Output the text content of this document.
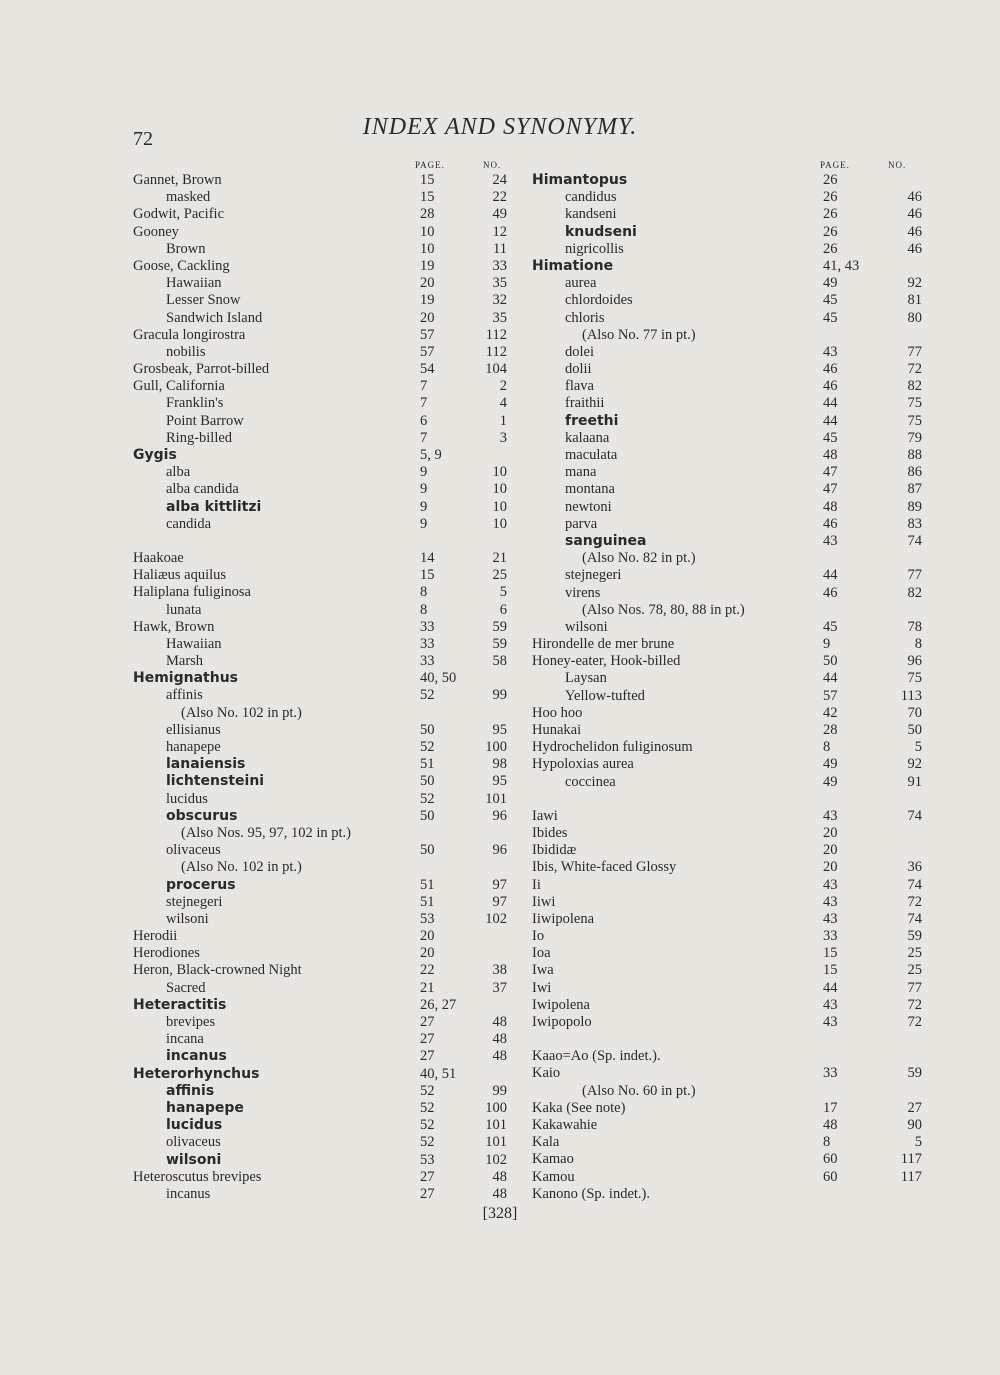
72	INDEX AND SYNONYMY.
PAGE.	NO.
Gannet, Brown	15	24
masked	15	22
Godwit, Pacific	28	49
Gooney	10	12
Brown	10	11
Goose, Cackling	19	33
Hawaiian	20	35
Lesser Snow	19	32
Sandwich Island	20	35
Gracula longirostra	57	112
nobilis	57	112
Grosbeak, Parrot-billed	54	104
Gull, California	7	2
Franklin's	7	4
Point Barrow	6	1
Ring-billed	7	3
Gygis	5, 9
alba	9	10
alba candida	9	10
alba kittlitzi	9	10
candida	9	10
Haakoae	14	21
Haliæus aquilus	15	25
Haliplana fuliginosa	8	5
lunata	8	6
Hawk, Brown	33	59
Hawaiian	33	59
Marsh	33	58
Hemignathus	40, 50
affinis	52	99
(Also No. 102 in pt.)
ellisianus	50	95
hanapepe	52	100
lanaiensis	51	98
lichtensteini	50	95
lucidus	52	101
obscurus	50	96
(Also Nos. 95, 97, 102 in pt.)
olivaceus	50	96
(Also No. 102 in pt.)
procerus	51	97
stejnegeri	51	97
wilsoni	53	102
Herodii	20
Herodiones	20
Heron, Black-crowned Night	22	38
Sacred	21	37
Heteractitis	26, 27
brevipes	27	48
incana	27	48
incanus	27	48
Heterorhynchus	40, 51
affinis	52	99
hanapepe	52	100
lucidus	52	101
olivaceus	52	101
wilsoni	53	102
Heteroscutus brevipes	27	48
incanus	27	48
PAGE.	NO.
Himantopus	26
candidus	26	46
kandseni	26	46
knudseni	26	46
nigricollis	26	46
Himatione	41, 43
aurea	49	92
chlordoides	45	81
chloris	45	80
(Also No. 77 in pt.)
dolei	43	77
dolii	46	72
flava	46	82
fraithii	44	75
freethi	44	75
kalaana	45	79
maculata	48	88
mana	47	86
montana	47	87
newtoni	48	89
parva	46	83
sanguinea	43	74
(Also No. 82 in pt.)
stejnegeri	44	77
virens	46	82
(Also Nos. 78, 80, 88 in pt.)
wilsoni	45	78
Hirondelle de mer brune	9	8
Honey-eater, Hook-billed	50	96
Laysan	44	75
Yellow-tufted	57	113
Hoo hoo	42	70
Hunakai	28	50
Hydrochelidon fuliginosum	8	5
Hypoloxias aurea	49	92
coccinea	49	91
Iawi	43	74
Ibides	20
Ibididæ	20
Ibis, White-faced Glossy	20	36
Ii	43	74
Iiwi	43	72
Iiwipolena	43	74
Io	33	59
Ioa	15	25
Iwa	15	25
Iwi	44	77
Iwipolena	43	72
Iwipopolo	43	72
Kaao=Ao (Sp. indet.).
Kaio	33	59
(Also No. 60 in pt.)
Kaka (See note)	17	27
Kakawahie	48	90
Kala	8	5
Kamao	60	117
Kamou	60	117
Kanono (Sp. indet.).
[328]
